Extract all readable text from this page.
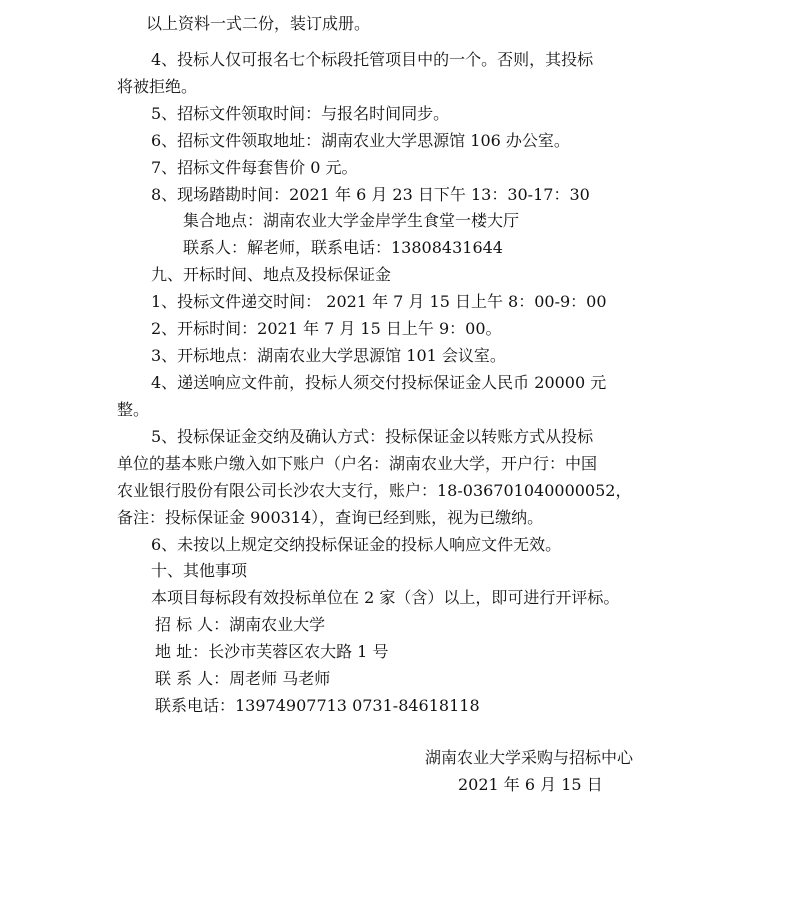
以上资料一式二份，装订成册。
4、投标人仅可报名七个标段托管项目中的一个。否则，其投标
将被拒绝。
5、招标文件领取时间：与报名时间同步。
6、招标文件领取地址：湖南农业大学思源馆 106 办公室。
7、招标文件每套售价 0 元。
8、现场踏勘时间：2021 年 6 月 23 日下午 13：30-17：30
集合地点：湖南农业大学金岸学生食堂一楼大厅
联系人：解老师，联系电话：13808431644
九、开标时间、地点及投标保证金
1、投标文件递交时间： 2021 年 7 月 15 日上午 8：00-9：00
2、开标时间：2021 年 7 月 15 日上午 9：00。
3、开标地点：湖南农业大学思源馆 101 会议室。
4、递送响应文件前，投标人须交付投标保证金人民币 20000 元
整。
5、投标保证金交纳及确认方式：投标保证金以转账方式从投标
单位的基本账户缴入如下账户（户名：湖南农业大学，开户行：中国
农业银行股份有限公司长沙农大支行，账户：18-036701040000052，
备注：投标保证金 900314），查询已经到账，视为已缴纳。
6、未按以上规定交纳投标保证金的投标人响应文件无效。
十、其他事项
本项目每标段有效投标单位在 2 家（含）以上，即可进行开评标。
招 标 人：湖南农业大学
地 址：长沙市芙蓉区农大路 1 号
联 系 人：周老师 马老师
联系电话：13974907713 0731-84618118
湖南农业大学采购与招标中心
2021 年 6 月 15 日
